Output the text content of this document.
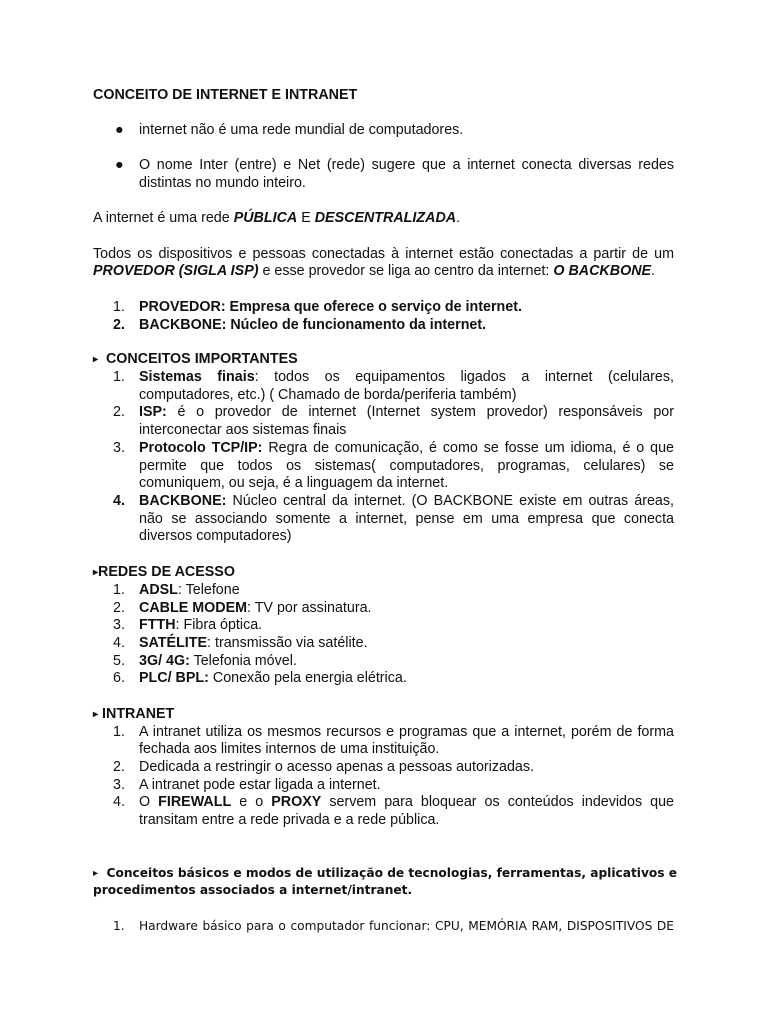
CONCEITO DE INTERNET E INTRANET
● internet não é uma rede mundial de computadores.
● O nome Inter (entre) e Net (rede) sugere que a internet conecta diversas redes
distintas no mundo inteiro.
A internet é uma rede PÚBLICA E DESCENTRALIZADA.
Todos os dispositivos e pessoas conectadas à internet estão conectadas a partir de um
PROVEDOR (SIGLA ISP) e esse provedor se liga ao centro da internet: O BACKBONE.
1. PROVEDOR: Empresa que oferece o serviço de internet.
2. BACKBONE: Núcleo de funcionamento da internet.
▸ CONCEITOS IMPORTANTES
1. Sistemas finais: todos os equipamentos ligados a internet (celulares,
computadores, etc.) ( Chamado de borda/periferia também)
2. ISP: é o provedor de internet (Internet system provedor) responsáveis por
interconectar aos sistemas finais
3. Protocolo TCP/IP: Regra de comunicação, é como se fosse um idioma, é o que
permite que todos os sistemas( computadores, programas, celulares) se
comuniquem, ou seja, é a linguagem da internet.
4. BACKBONE: Núcleo central da internet. (O BACKBONE existe em outras áreas,
não se associando somente a internet, pense em uma empresa que conecta
diversos computadores)
▸REDES DE ACESSO
1. ADSL: Telefone
2. CABLE MODEM: TV por assinatura.
3. FTTH: Fibra óptica.
4. SATÉLITE: transmissão via satélite.
5. 3G/ 4G: Telefonia móvel.
6. PLC/ BPL: Conexão pela energia elétrica.
▸ INTRANET
1. A intranet utiliza os mesmos recursos e programas que a internet, porém de forma
fechada aos limites internos de uma instituição.
2. Dedicada a restringir o acesso apenas a pessoas autorizadas.
3. A intranet pode estar ligada a internet.
4. O FIREWALL e o PROXY servem para bloquear os conteúdos indevidos que
transitam entre a rede privada e a rede pública.
▸ Conceitos básicos e modos de utilização de tecnologias, ferramentas, aplicativos e
procedimentos associados a internet/intranet.
1. Hardware básico para o computador funcionar: CPU, MEMÓRIA RAM, DISPOSITIVOS DE
